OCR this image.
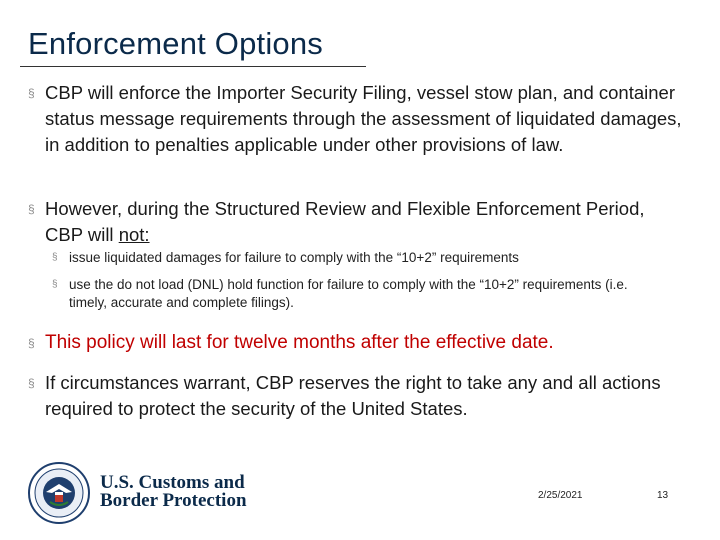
Enforcement Options
§ CBP will enforce the Importer Security Filing, vessel stow plan, and container status message requirements through the assessment of liquidated damages, in addition to penalties applicable under other provisions of law.
§ However, during the Structured Review and Flexible Enforcement Period, CBP will not:
§ issue liquidated damages for failure to comply with the “10+2” requirements
§ use the do not load (DNL) hold function for failure to comply with the “10+2” requirements (i.e. timely, accurate and complete filings).
§ This policy will last for twelve months after the effective date.
§ If circumstances warrant, CBP reserves the right to take any and all actions required to protect the security of the United States.
U.S. Customs and
Border Protection	2/25/2021	13
